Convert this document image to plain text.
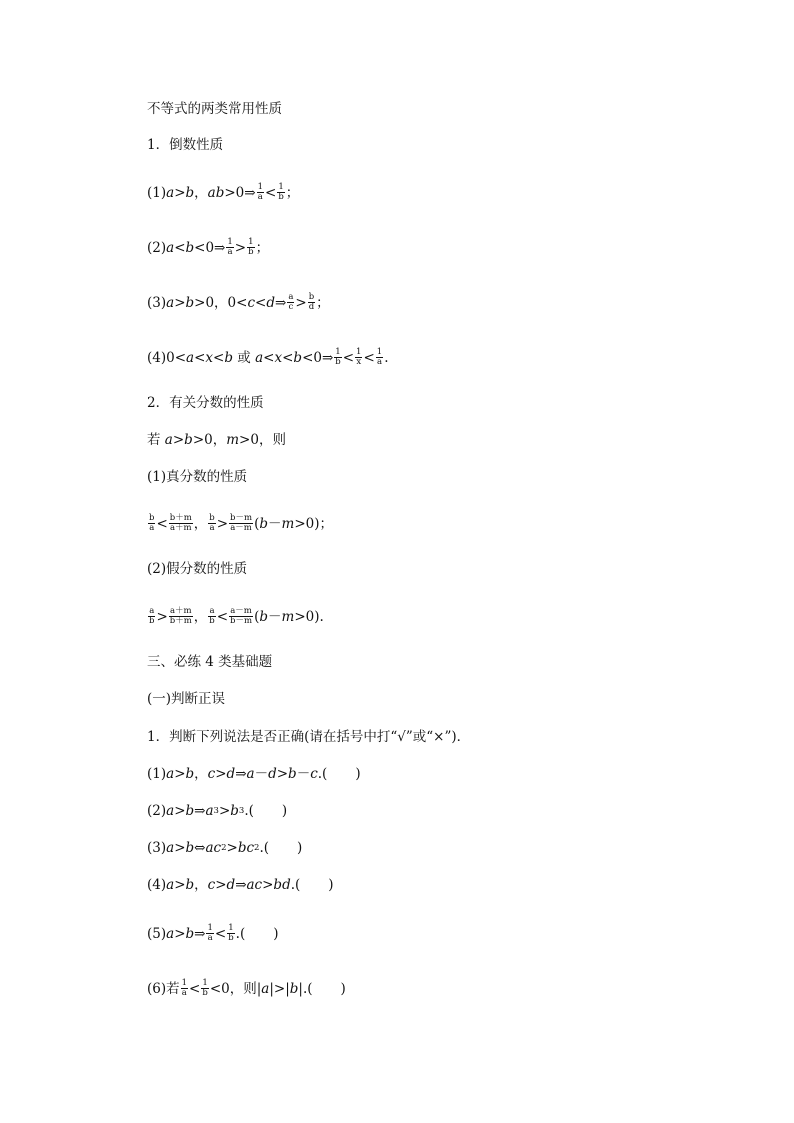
不等式的两类常用性质
1．倒数性质
(1) a > b ， ab >0⇒ $\frac{1}{a} < \frac{1}{b}$ ；
(2) a < b <0⇒ $\frac{1}{a} > \frac{1}{b}$ ；
(3) a > b >0，0< c < d ⇒ $\frac{a}{c} > \frac{b}{d}$ ；
(4)0< a < x < b 或 a < x < b <0⇒ $\frac{1}{b} < \frac{1}{x} < \frac{1}{a}$ .
2．有关分数的性质
若 a > b >0， m >0，则
(1)真分数的性质
$\frac{b}{a} < \frac{b+m}{a+m}$ ， $\frac{b}{a} > \frac{b-m}{a-m}$ ( b － m >0)；
(2)假分数的性质
$\frac{a}{b} > \frac{a+m}{b+m}$ ， $\frac{a}{b} < \frac{a-m}{b-m}$ ( b － m >0).
三、必练 4 类基础题
(一)判断正误
1．判断下列说法是否正确(请在括号中打“√”或“×”)．
(1) a > b ， c > d ⇒ a － d > b － c .( )
(2) a > b ⇒ a 3 > b 3 .( )
(3) a > b ⇔ ac 2 > bc 2 .( )
(4) a > b ， c > d ⇒ ac > bd .( )
(5) a > b ⇒ $\frac{1}{a} < \frac{1}{b}$ .( )
(6)若 $\frac{1}{a} < \frac{1}{b} <0$，则| a |>| b |.( )
